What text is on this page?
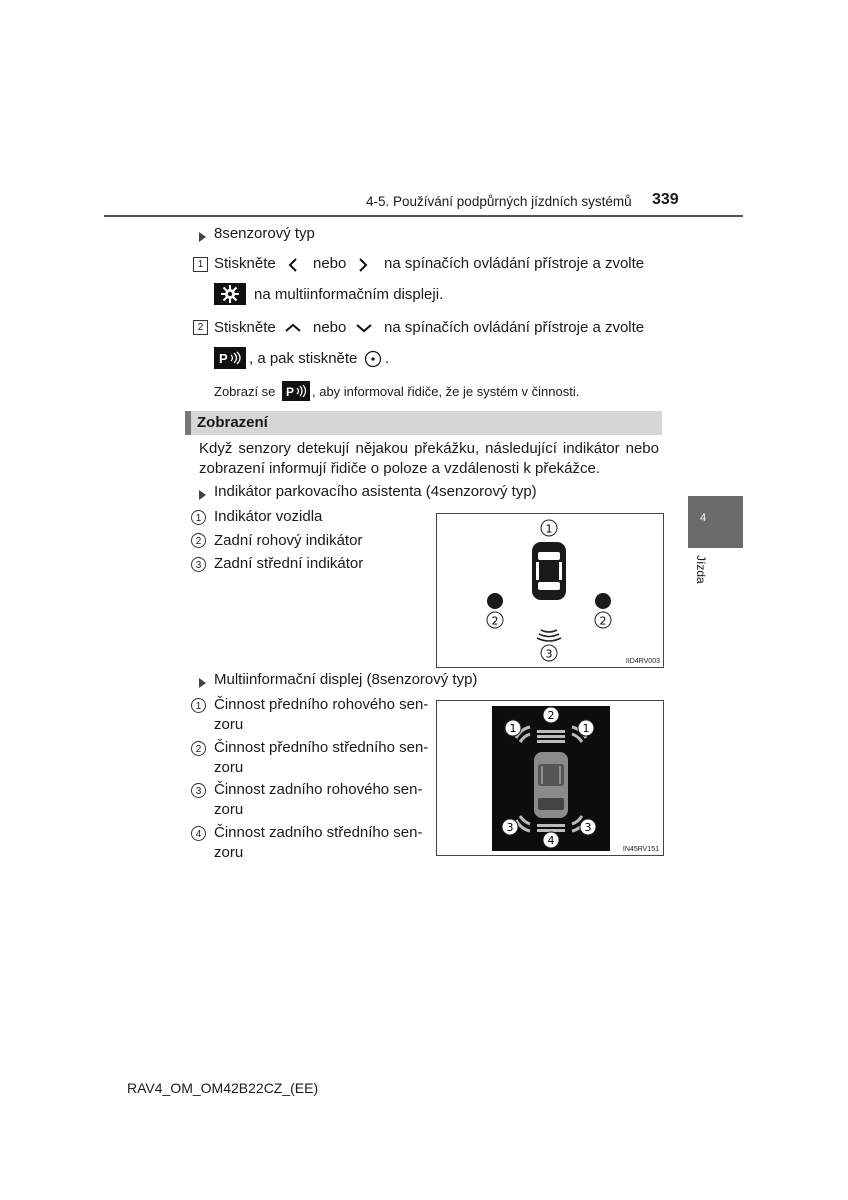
4-5. Používání podpůrných jízdních systémů 339
4
Jízda
8senzorový typ
1 Stiskněte nebo	na spínačích ovládání přístroje a zvolte
na multiinformačním displeji.
2 Stiskněte nebo	na spínačích ovládání přístroje a zvolte
P , a pak stiskněte .
Zobrazí se P , aby informoval řidiče, že je systém v činnosti.
Zobrazení
Když senzory detekují nějakou překážku, následující indikátor nebo zobrazení informují řidiče o poloze a vzdálenosti k překážce.
Indikátor parkovacího asistenta (4senzorový typ)
1 Indikátor vozidla
2 Zadní rohový indikátor
3 Zadní střední indikátor
1
2	2
3
IID4RV003
Multiinformační displej (8senzorový typ)
1 Činnost předního rohového sen-
zoru
2 Činnost předního středního sen-
zoru
3 Činnost zadního rohového sen-
zoru
4 Činnost zadního středního sen-
zoru
2
1	1
3	3
4
IN45RV151
RAV4_OM_OM42B22CZ_(EE)
